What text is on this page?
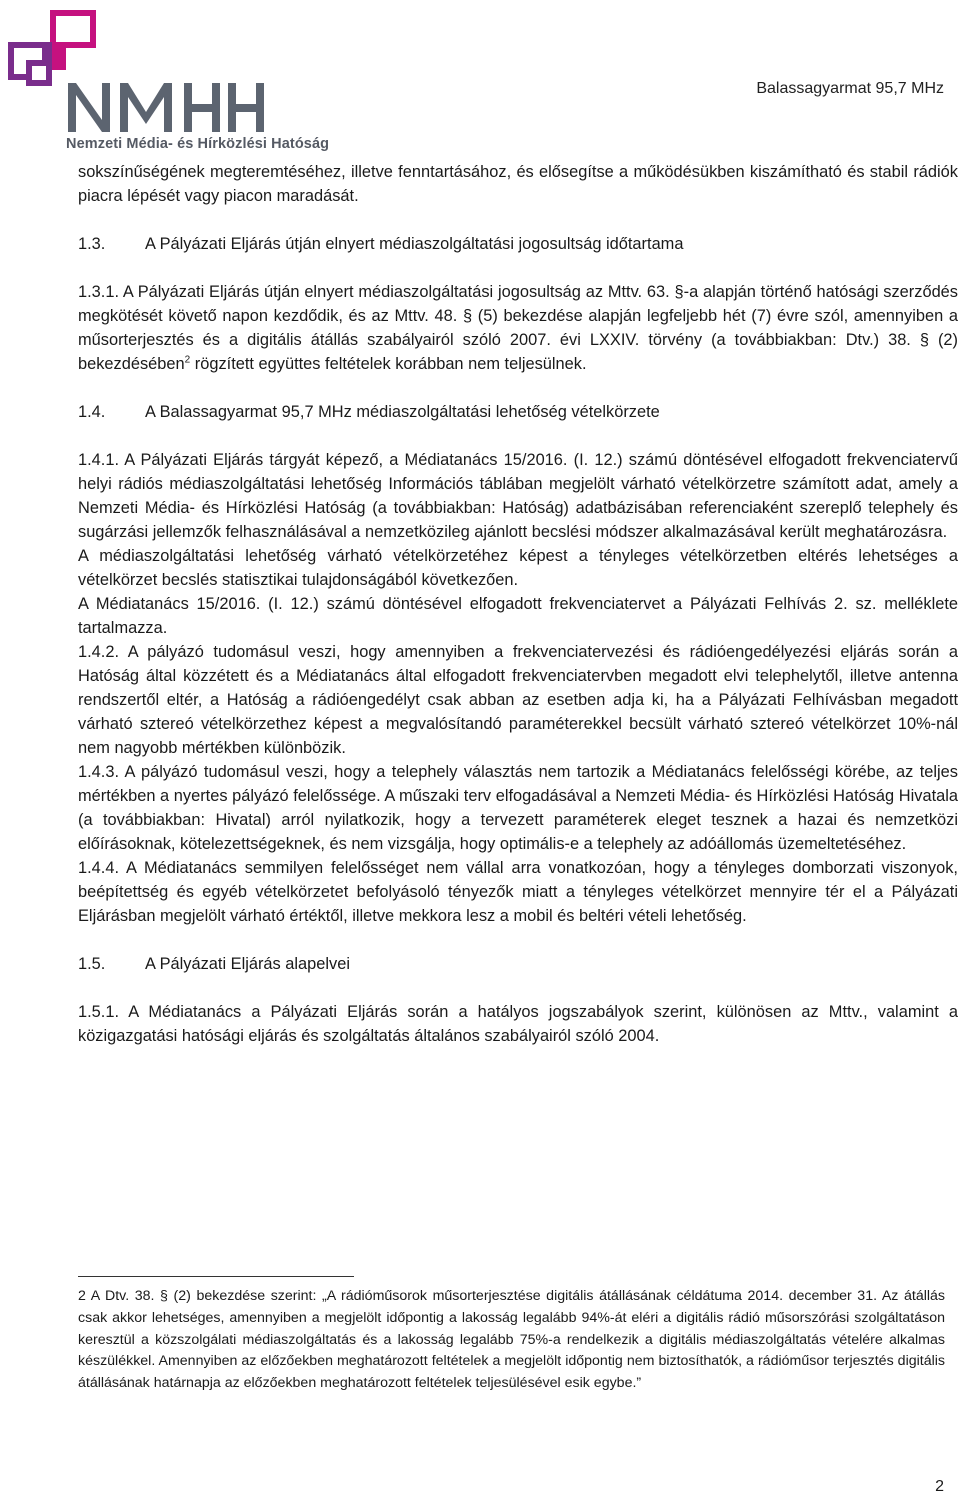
Nemzeti Média- és Hírközlési Hatóság
Balassagyarmat 95,7 MHz

sokszínűségének megteremtéséhez, illetve fenntartásához, és elősegítse a működésükben kiszámítható és stabil rádiók piacra lépését vagy piacon maradását.

1.3.	A Pályázati Eljárás útján elnyert médiaszolgáltatási jogosultság időtartama

1.3.1. A Pályázati Eljárás útján elnyert médiaszolgáltatási jogosultság az Mttv. 63. §-a alapján történő hatósági szerződés megkötését követő napon kezdődik, és az Mttv. 48. § (5) bekezdése alapján legfeljebb hét (7) évre szól, amennyiben a műsorterjesztés és a digitális átállás szabályairól szóló 2007. évi LXXIV. törvény (a továbbiakban: Dtv.) 38. § (2) bekezdésében$^2$ rögzített együttes feltételek korábban nem teljesülnek.

1.4.	A Balassagyarmat 95,7 MHz médiaszolgáltatási lehetőség vételkörzete

1.4.1. A Pályázati Eljárás tárgyát képező, a Médiatanács 15/2016. (I. 12.) számú döntésével elfogadott frekvenciatervű helyi rádiós médiaszolgáltatási lehetőség Információs táblában megjelölt várható vételkörzetre számított adat, amely a Nemzeti Média- és Hírközlési Hatóság (a továbbiakban: Hatóság) adatbázisában referenciaként szereplő telephely és sugárzási jellemzők felhasználásával a nemzetközileg ajánlott becslési módszer alkalmazásával került meghatározásra.

A médiaszolgáltatási lehetőség várható vételkörzetéhez képest a tényleges vételkörzetben eltérés lehetséges a vételkörzet becslés statisztikai tulajdonságából következően.

A Médiatanács 15/2016. (I. 12.) számú döntésével elfogadott frekvenciatervet a Pályázati Felhívás 2. sz. melléklete tartalmazza.

1.4.2. A pályázó tudomásul veszi, hogy amennyiben a frekvenciatervezési és rádióengedélyezési eljárás során a Hatóság által közzétett és a Médiatanács által elfogadott frekvenciatervben megadott elvi telephelytől, illetve antenna rendszertől eltér, a Hatóság a rádióengedélyt csak abban az esetben adja ki, ha a Pályázati Felhívásban megadott várható sztereó vételkörzethez képest a megvalósítandó paraméterekkel becsült várható sztereó vételkörzet 10%-nál nem nagyobb mértékben különbözik.

1.4.3. A pályázó tudomásul veszi, hogy a telephely választás nem tartozik a Médiatanács felelősségi körébe, az teljes mértékben a nyertes pályázó felelőssége. A műszaki terv elfogadásával a Nemzeti Média- és Hírközlési Hatóság Hivatala (a továbbiakban: Hivatal) arról nyilatkozik, hogy a tervezett paraméterek eleget tesznek a hazai és nemzetközi előírásoknak, kötelezettségeknek, és nem vizsgálja, hogy optimális-e a telephely az adóállomás üzemeltetéséhez.

1.4.4. A Médiatanács semmilyen felelősséget nem vállal arra vonatkozóan, hogy a tényleges domborzati viszonyok, beépítettség és egyéb vételkörzetet befolyásoló tényezők miatt a tényleges vételkörzet mennyire tér el a Pályázati Eljárásban megjelölt várható értéktől, illetve mekkora lesz a mobil és beltéri vételi lehetőség.

1.5.	A Pályázati Eljárás alapelvei

1.5.1. A Médiatanács a Pályázati Eljárás során a hatályos jogszabályok szerint, különösen az Mttv., valamint a közigazgatási hatósági eljárás és szolgáltatás általános szabályairól szóló 2004.

2 A Dtv. 38. § (2) bekezdése szerint: „A rádióműsorok műsorterjesztése digitális átállásának céldátuma 2014. december 31. Az átállás csak akkor lehetséges, amennyiben a megjelölt időpontig a lakosság legalább 94%-át eléri a digitális rádió műsorszórási szolgáltatáson keresztül a közszolgálati médiaszolgáltatás és a lakosság legalább 75%-a rendelkezik a digitális médiaszolgáltatás vételére alkalmas készülékkel. Amennyiben az előzőekben meghatározott feltételek a megjelölt időpontig nem biztosíthatók, a rádióműsor terjesztés digitális átállásának határnapja az előzőekben meghatározott feltételek teljesülésével esik egybe.”
2
